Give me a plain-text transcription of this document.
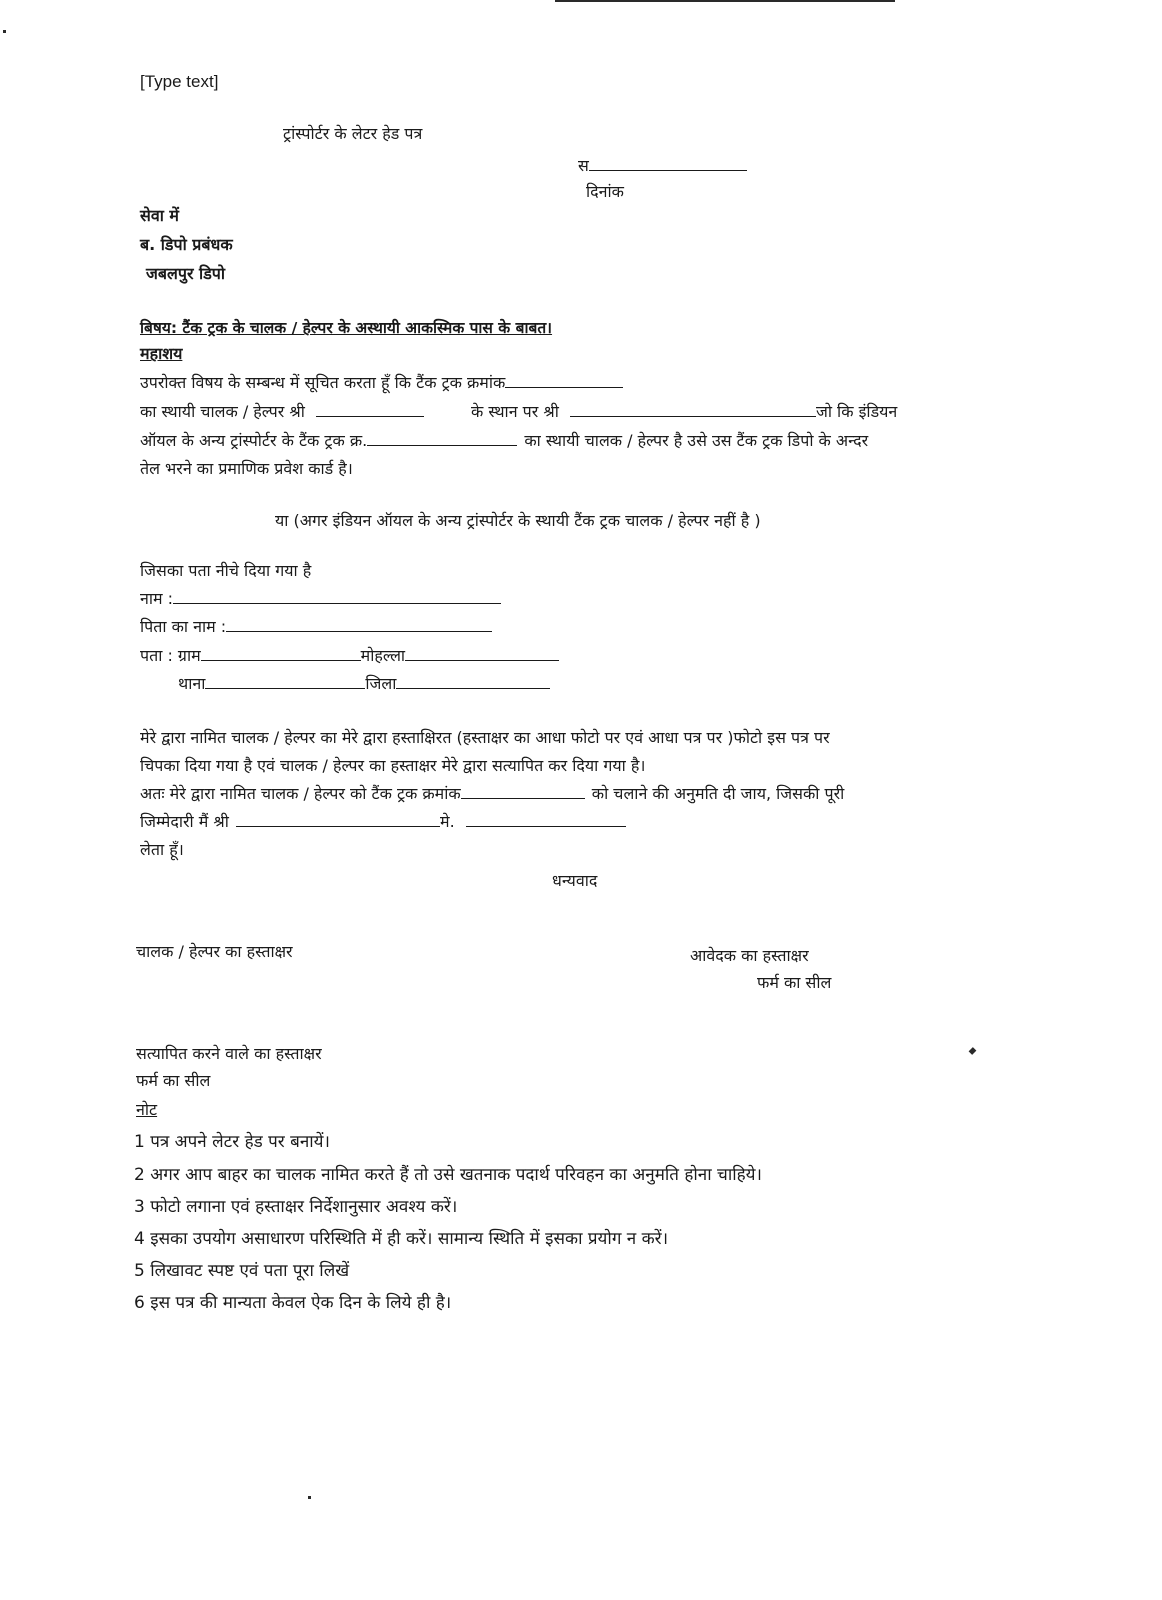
[Type text]
ट्रांस्पोर्टर के लेटर हेड पत्र
स
दिनांक
सेवा में
ब. डिपो प्रबंधक
जबलपुर डिपो
बिषय: टैंक ट्रक के चालक / हेल्पर के अस्थायी आकस्मिक पास के बाबत।
महाशय
उपरोक्त विषय के सम्बन्ध में सूचित करता हूँ कि टैंक ट्रक क्रमांक
का स्थायी चालक / हेल्पर श्री	के स्थान पर श्री	जो कि इंडियन
ऑयल के अन्य ट्रांस्पोर्टर के टैंक ट्रक क्र.	का स्थायी चालक / हेल्पर है उसे उस टैंक ट्रक डिपो के अन्दर
तेल भरने का प्रमाणिक प्रवेश कार्ड है।
या (अगर इंडियन ऑयल के अन्य ट्रांस्पोर्टर के स्थायी टैंक ट्रक चालक / हेल्पर नहीं है )
जिसका पता नीचे दिया गया है
नाम :
पिता का नाम :
पता : ग्राम	मोहल्ला
थाना	जिला
मेरे द्वारा नामित चालक / हेल्पर का मेरे द्वारा हस्ताक्षिरत (हस्ताक्षर का आधा फोटो पर एवं आधा पत्र पर )फोटो इस पत्र पर
चिपका दिया गया है एवं चालक / हेल्पर का हस्ताक्षर मेरे द्वारा सत्यापित कर दिया गया है।
अतः मेरे द्वारा नामित चालक / हेल्पर को टैंक ट्रक क्रमांक	को चलाने की अनुमति दी जाय, जिसकी पूरी
जिम्मेदारी मैं श्री	मे.
लेता हूँ।
धन्यवाद
चालक / हेल्पर का हस्ताक्षर	आवेदक का हस्ताक्षर
फर्म का सील
सत्यापित करने वाले का हस्ताक्षर
फर्म का सील
नोट
1 पत्र अपने लेटर हेड पर बनायें।
2 अगर आप बाहर का चालक नामित करते हैं तो उसे खतनाक पदार्थ परिवहन का अनुमति होना चाहिये।
3 फोटो लगाना एवं हस्ताक्षर निर्देशानुसार अवश्य करें।
4 इसका उपयोग असाधारण परिस्थिति में ही करें। सामान्य स्थिति में इसका प्रयोग न करें।
5 लिखावट स्पष्ट एवं पता पूरा लिखें
6 इस पत्र की मान्यता केवल ऐक दिन के लिये ही है।
